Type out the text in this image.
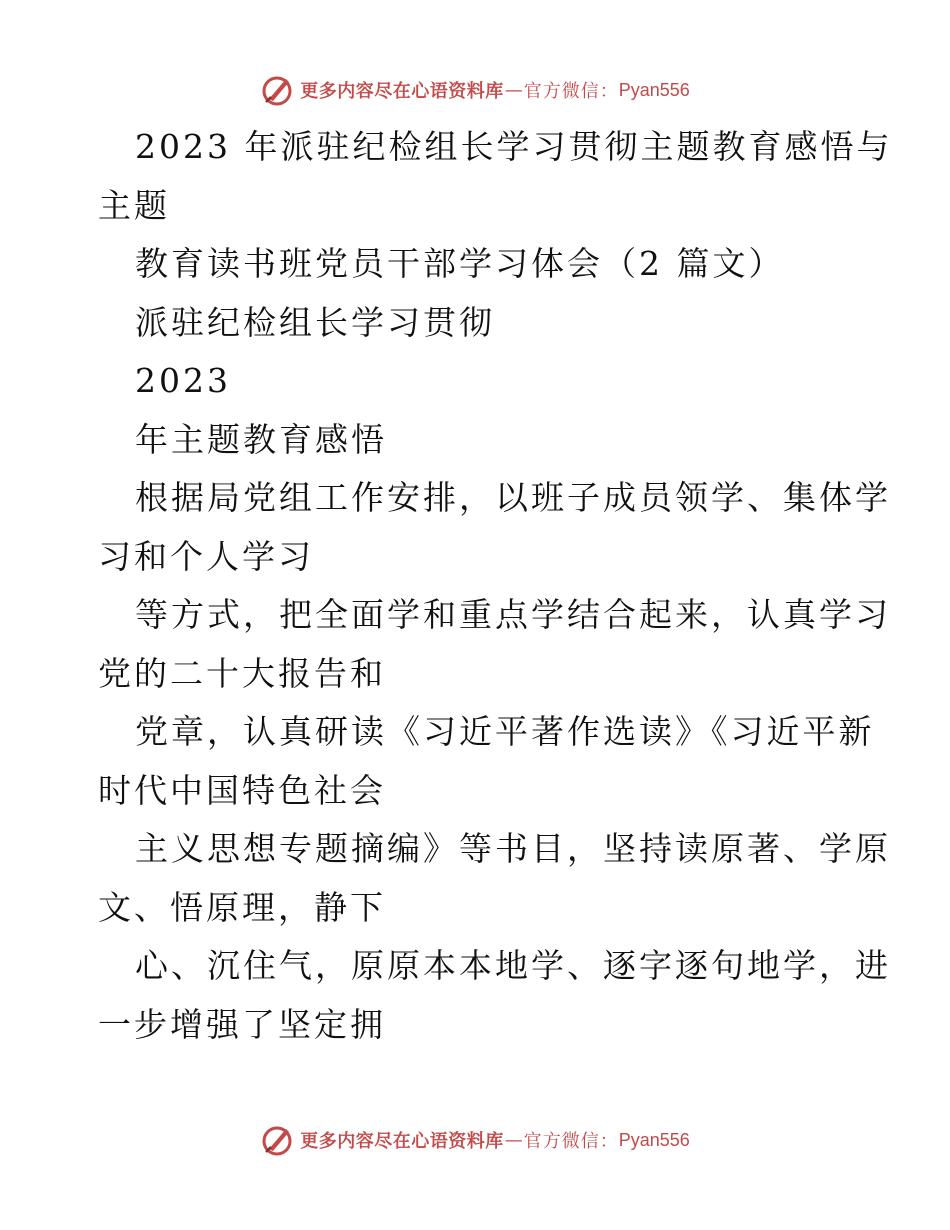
更多内容尽在心语资料库 — 官方微信： Pyan556
2023 年派驻纪检组长学习贯彻主题教育感悟与
主题
教育读书班党员干部学习体会（2 篇文）
派驻纪检组长学习贯彻
2023
年主题教育感悟
根据局党组工作安排，以班子成员领学、集体学
习和个人学习
等方式，把全面学和重点学结合起来，认真学习
党的二十大报告和
党章，认真研读《习近平著作选读》《习近平新
时代中国特色社会
主义思想专题摘编》等书目，坚持读原著、学原
文、悟原理，静下
心、沉住气，原原本本地学、逐字逐句地学，进
一步增强了坚定拥
更多内容尽在心语资料库 — 官方微信： Pyan556
